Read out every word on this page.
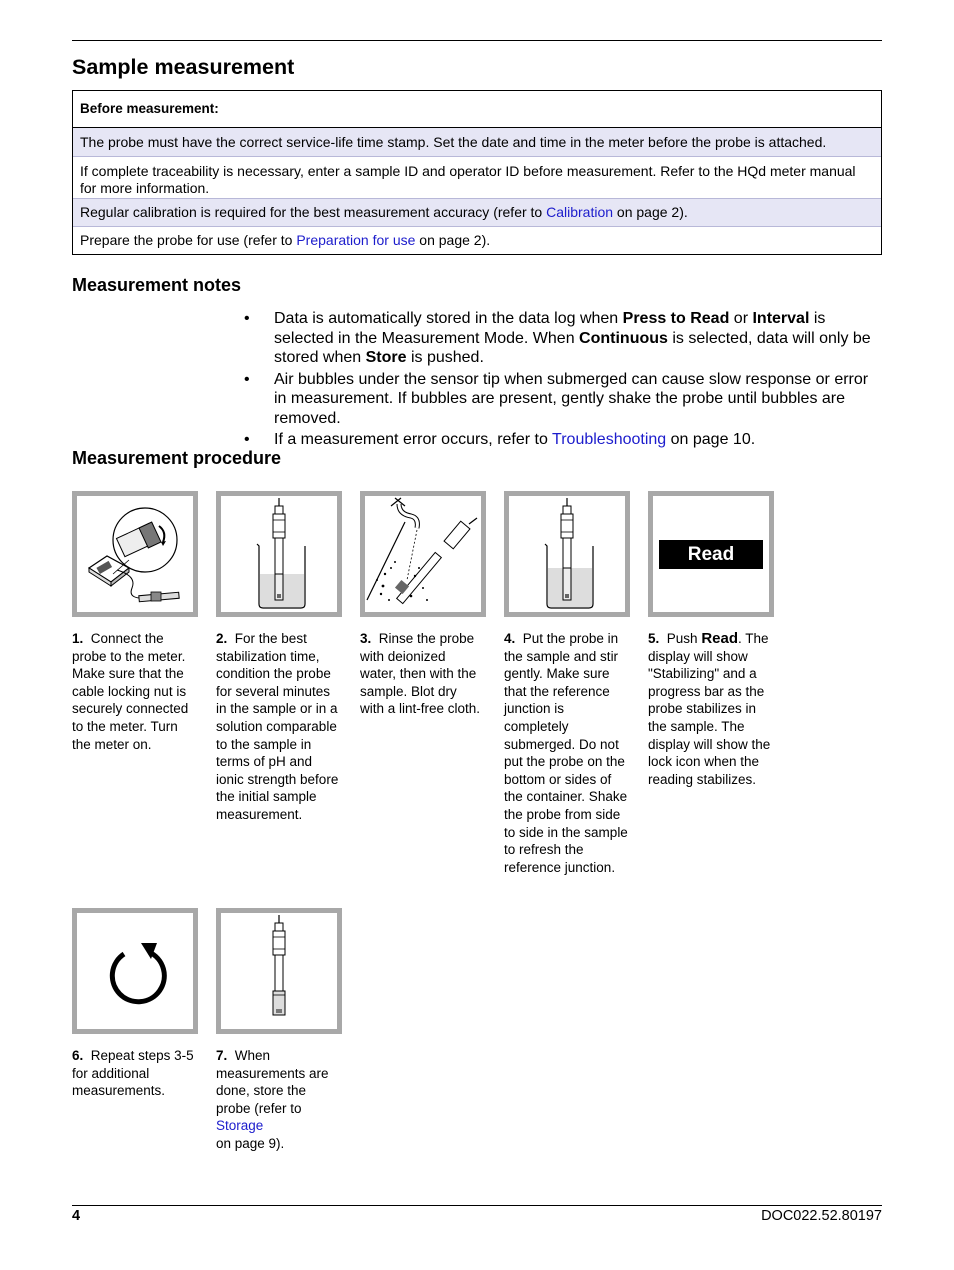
Sample measurement
Before measurement:
The probe must have the correct service-life time stamp. Set the date and time in the meter before the probe is attached.
If complete traceability is necessary, enter a sample ID and operator ID before measurement. Refer to the HQd meter manual for more information.
Regular calibration is required for the best measurement accuracy (refer to Calibration on page 2).
Prepare the probe for use (refer to Preparation for use on page 2).
Measurement notes
• Data is automatically stored in the data log when Press to Read or Interval is selected in the Measurement Mode. When Continuous is selected, data will only be stored when Store is pushed.
• Air bubbles under the sensor tip when submerged can cause slow response or error in measurement. If bubbles are present, gently shake the probe until bubbles are removed.
• If a measurement error occurs, refer to Troubleshooting on page 10.
Measurement procedure
Read
1. Connect the probe to the meter. Make sure that the cable locking nut is securely connected to the meter. Turn the meter on.
2. For the best stabilization time, condition the probe for several minutes in the sample or in a solution comparable to the sample in terms of pH and ionic strength before the initial sample measurement.
3. Rinse the probe with deionized water, then with the sample. Blot dry with a lint-free cloth.
4. Put the probe in the sample and stir gently. Make sure that the reference junction is completely submerged. Do not put the probe on the bottom or sides of the container. Shake the probe from side to side in the sample to refresh the reference junction.
5. Push Read. The display will show "Stabilizing" and a progress bar as the probe stabilizes in the sample. The display will show the lock icon when the reading stabilizes.
6. Repeat steps 3-5 for additional measurements.
7. When measurements are done, store the probe (refer to Storage
on page 9).
4	DOC022.52.80197
